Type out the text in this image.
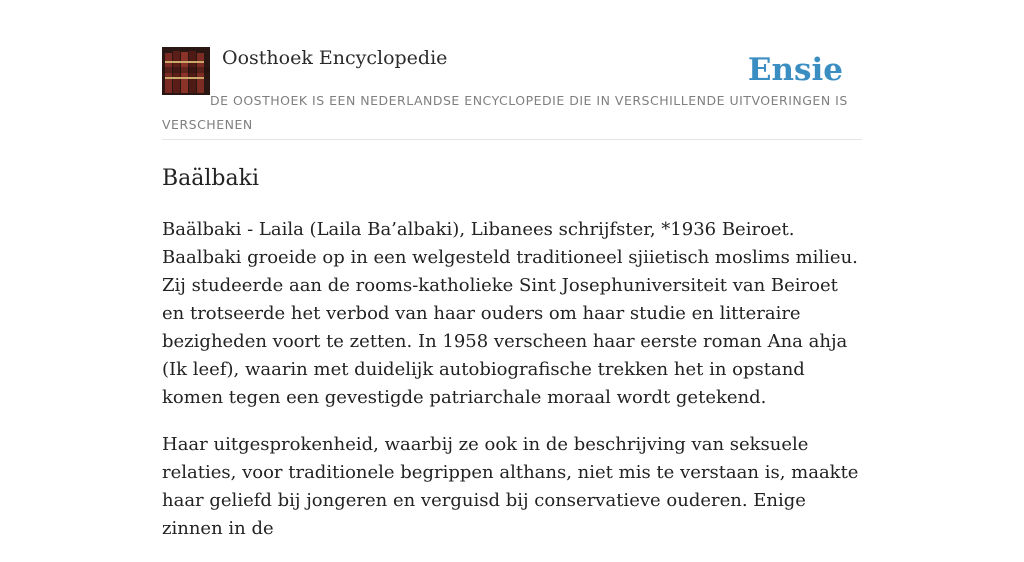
Oosthoek Encyclopedie	Ensie
DE OOSTHOEK IS EEN NEDERLANDSE ENCYCLOPEDIE DIE IN VERSCHILLENDE UITVOERINGEN IS VERSCHENEN
Baälbaki

Baälbaki - Laila (Laila Ba’albaki), Libanees schrijfster, *1936 Beiroet. Baalbaki groeide op in een welgesteld traditioneel sjiietisch moslims milieu. Zij studeerde aan de rooms-katholieke Sint Josephuniversiteit van Beiroet en trotseerde het verbod van haar ouders om haar studie en litteraire bezigheden voort te zetten. In 1958 verscheen haar eerste roman Ana ahja (Ik leef), waarin met duidelijk autobiografische trekken het in opstand komen tegen een gevestigde patriarchale moraal wordt getekend.

Haar uitgesprokenheid, waarbij ze ook in de beschrijving van seksuele relaties, voor traditionele begrippen althans, niet mis te verstaan is, maakte haar geliefd bij jongeren en verguisd bij conservatieve ouderen. Enige zinnen in de
